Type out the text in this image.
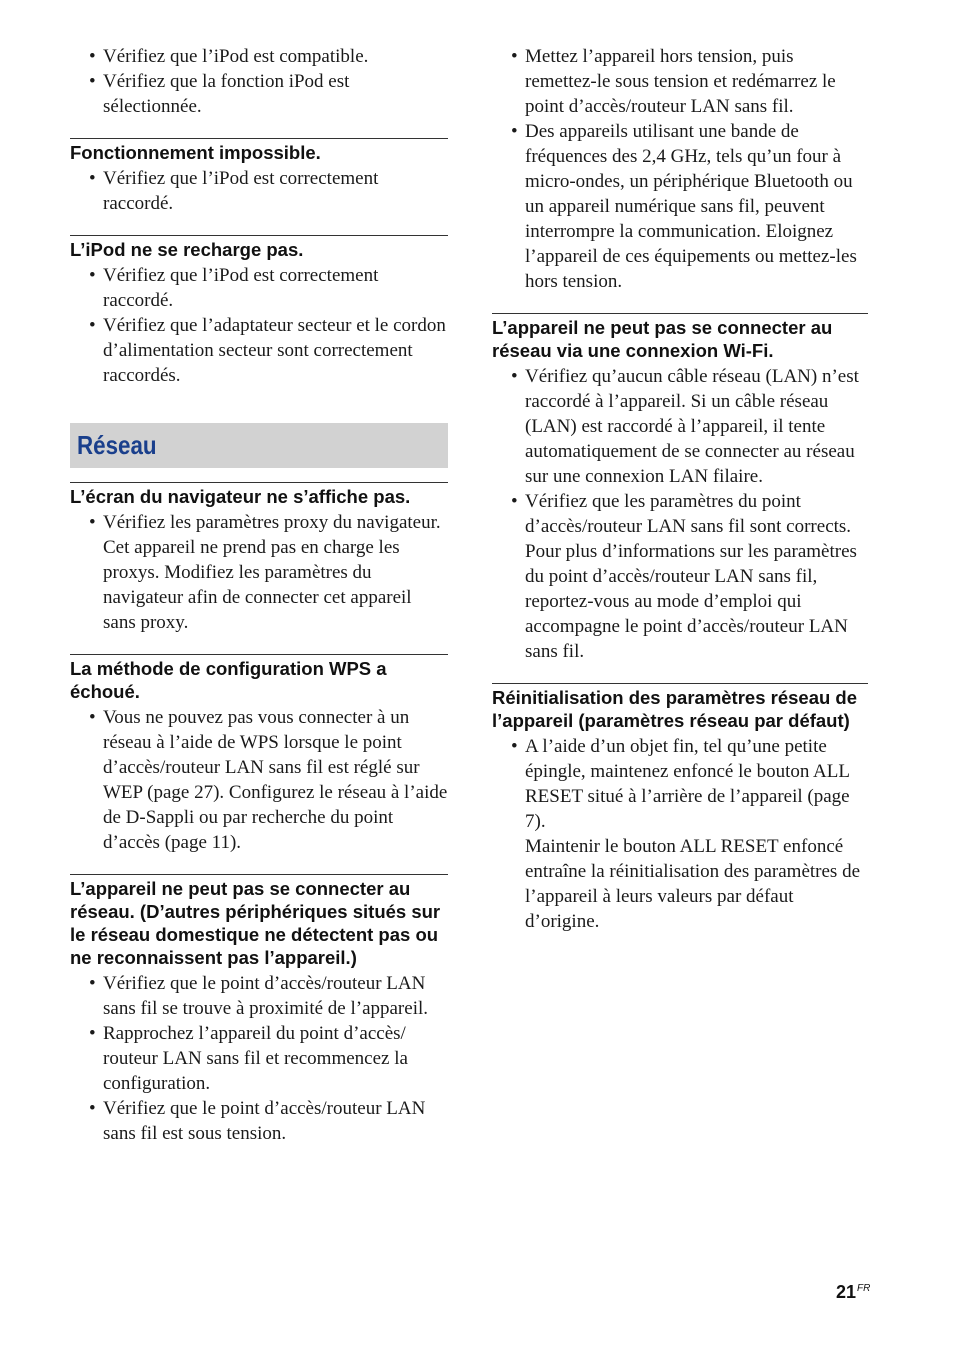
• Vérifiez que l’iPod est compatible.
• Vérifiez que la fonction iPod est sélectionnée.
Fonctionnement impossible.
• Vérifiez que l’iPod est correctement raccordé.
L’iPod ne se recharge pas.
• Vérifiez que l’iPod est correctement raccordé.
• Vérifiez que l’adaptateur secteur et le cordon d’alimentation secteur sont correctement raccordés.
Réseau
L’écran du navigateur ne s’affiche pas.
• Vérifiez les paramètres proxy du navigateur.
Cet appareil ne prend pas en charge les proxys. Modifiez les paramètres du navigateur afin de connecter cet appareil sans proxy.
La méthode de configuration WPS a échoué.
• Vous ne pouvez pas vous connecter à un réseau à l’aide de WPS lorsque le point d’accès/routeur LAN sans fil est réglé sur WEP (page 27). Configurez le réseau à l’aide de D-Sappli ou par recherche du point d’accès (page 11).
L’appareil ne peut pas se connecter au réseau. (D’autres périphériques situés sur le réseau domestique ne détectent pas ou ne reconnaissent pas l’appareil.)
• Vérifiez que le point d’accès/routeur LAN sans fil se trouve à proximité de l’appareil.
• Rapprochez l’appareil du point d’accès/ routeur LAN sans fil et recommencez la configuration.
• Vérifiez que le point d’accès/routeur LAN sans fil est sous tension.
• Mettez l’appareil hors tension, puis remettez-le sous tension et redémarrez le point d’accès/routeur LAN sans fil.
• Des appareils utilisant une bande de fréquences des 2,4 GHz, tels qu’un four à micro-ondes, un périphérique Bluetooth ou un appareil numérique sans fil, peuvent interrompre la communication. Eloignez l’appareil de ces équipements ou mettez-les hors tension.
L’appareil ne peut pas se connecter au réseau via une connexion Wi-Fi.
• Vérifiez qu’aucun câble réseau (LAN) n’est raccordé à l’appareil. Si un câble réseau (LAN) est raccordé à l’appareil, il tente automatiquement de se connecter au réseau sur une connexion LAN filaire.
• Vérifiez que les paramètres du point d’accès/routeur LAN sans fil sont corrects. Pour plus d’informations sur les paramètres du point d’accès/routeur LAN sans fil, reportez-vous au mode d’emploi qui accompagne le point d’accès/routeur LAN sans fil.
Réinitialisation des paramètres réseau de l’appareil (paramètres réseau par défaut)
• A l’aide d’un objet fin, tel qu’une petite épingle, maintenez enfoncé le bouton ALL RESET situé à l’arrière de l’appareil (page 7).
Maintenir le bouton ALL RESET enfoncé entraîne la réinitialisation des paramètres de l’appareil à leurs valeurs par défaut d’origine.
$21^{FR}$
